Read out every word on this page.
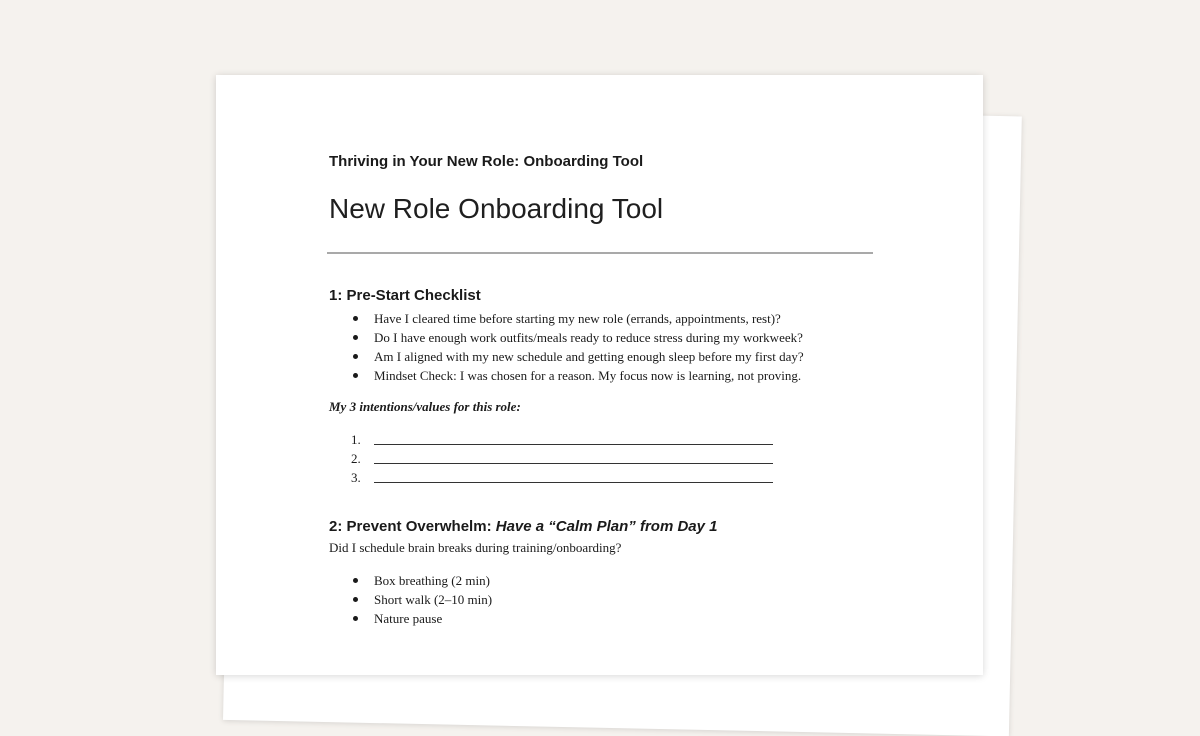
Thriving in Your New Role: Onboarding Tool
New Role Onboarding Tool
1: Pre-Start Checklist
Have I cleared time before starting my new role (errands, appointments, rest)?
Do I have enough work outfits/meals ready to reduce stress during my workweek?
Am I aligned with my new schedule and getting enough sleep before my first day?
Mindset Check: I was chosen for a reason. My focus now is learning, not proving.
My 3 intentions/values for this role:
1.
2.
3.
2: Prevent Overwhelm: Have a “Calm Plan” from Day 1
Did I schedule brain breaks during training/onboarding?
Box breathing (2 min)
Short walk (2–10 min)
Nature pause
